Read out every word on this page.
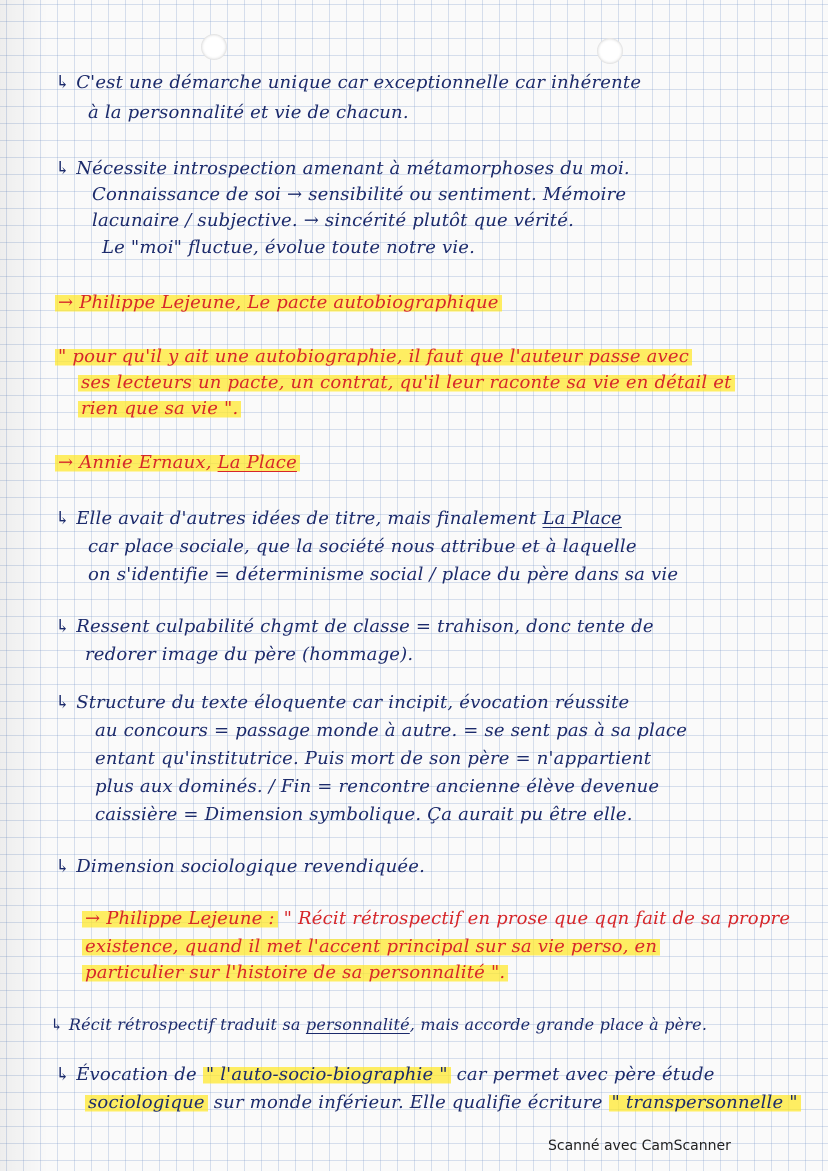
↳ C'est une démarche unique car exceptionnelle car inhérente

à la personnalité et vie de chacun.

↳ Nécessite introspection amenant à métamorphoses du moi.

Connaissance de soi → sensibilité ou sentiment. Mémoire

lacunaire / subjective. → sincérité plutôt que vérité.

Le "moi" fluctue, évolue toute notre vie.

→ Philippe Lejeune, Le pacte autobiographique

" pour qu'il y ait une autobiographie, il faut que l'auteur passe avec

ses lecteurs un pacte, un contrat, qu'il leur raconte sa vie en détail et

rien que sa vie ".

→ Annie Ernaux, La Place

↳ Elle avait d'autres idées de titre, mais finalement La Place

car place sociale, que la société nous attribue et à laquelle

on s'identifie = déterminisme social / place du père dans sa vie

↳ Ressent culpabilité chgmt de classe = trahison, donc tente de

redorer image du père (hommage).

↳ Structure du texte éloquente car incipit, évocation réussite

au concours = passage monde à autre. = se sent pas à sa place

entant qu'institutrice. Puis mort de son père = n'appartient

plus aux dominés. / Fin = rencontre ancienne élève devenue

caissière = Dimension symbolique. Ça aurait pu être elle.

↳ Dimension sociologique revendiquée.

→ Philippe Lejeune : " Récit rétrospectif en prose que qqn fait de sa propre

existence, quand il met l'accent principal sur sa vie perso, en

particulier sur l'histoire de sa personnalité ".

↳ Récit rétrospectif traduit sa personnalité, mais accorde grande place à père.

↳ Évocation de " l'auto-socio-biographie " car permet avec père étude

sociologique sur monde inférieur. Elle qualifie écriture " transpersonnelle "

Scanné avec CamScanner
